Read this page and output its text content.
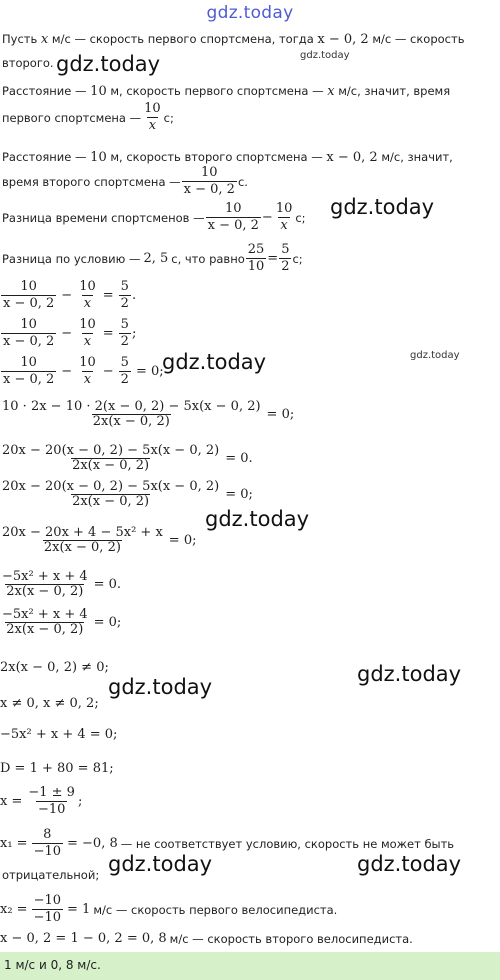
gdz.today
Пусть x м/с — скорость первого спортсмена, тогда x − 0, 2 м/с — скорость
второго.
Расстояние — 10 м, скорость первого спортсмена — x м/с, значит, время
первого спортсмена — $\frac{10}{x} с$;
Расстояние — 10 м, скорость второго спортсмена — x − 0, 2 м/с, значит,
время второго спортсмена — $\frac{10}{x - 0, 2} с$.
Разница времени спортсменов — $\frac{10}{x - 0, 2} - \frac{10}{x} с$;
Разница по условию — 2, 5 с, что равно $\frac{25}{10} = \frac{5}{2} с$;
$\frac{10}{x - 0, 2} - \frac{10}{x} = \frac{5}{2}$ .
$\frac{10}{x - 0, 2} - \frac{10}{x} = \frac{5}{2}$ ;
$\frac{10}{x - 0, 2} - \frac{10}{x} - \frac{5}{2} = 0$;
$\frac{10 \cdot 2x - 10 \cdot 2(x - 0, 2) - 5x(x - 0, 2)}{2x(x - 0, 2)} = 0$;
$\frac{20x - 20(x - 0, 2) - 5x(x - 0, 2)}{2x(x - 0, 2)} = 0$.
$\frac{20x - 20(x - 0, 2) - 5x(x - 0, 2)}{2x(x - 0, 2)} = 0$;
$\frac{\text{20x − 20x + 4 − 5x² + x}}{2x(x - 0, 2)} = 0$;
$\frac{\text{−5x² + x + 4}}{2x(x - 0, 2)} = 0$.
$\frac{\text{−5x² + x + 4}}{2x(x - 0, 2)} = 0$;
2x(x − 0, 2) ≠ 0;
x ≠ 0, x ≠ 0, 2;
−5x² + x + 4 = 0;
D = 1 + 80 = 81;
$x = \frac{-1 \pm 9}{-10}$ ;
$x_1 = \frac{8}{-10} = -0$, 8 — не соответствует условию, скорость не может быть
отрицательной;
$x_2 = \frac{-10}{-10} = 1$ м/с — скорость первого велосипедиста.
x − 0, 2 = 1 − 0, 2 = 0, 8 м/с — скорость второго велосипедиста.
1 м/с и 0, 8 м/с.
gdz.today	gdz.today
gdz.today
gdz.today	gdz.today
gdz.today
gdz.today
gdz.today
gdz.today	gdz.today
